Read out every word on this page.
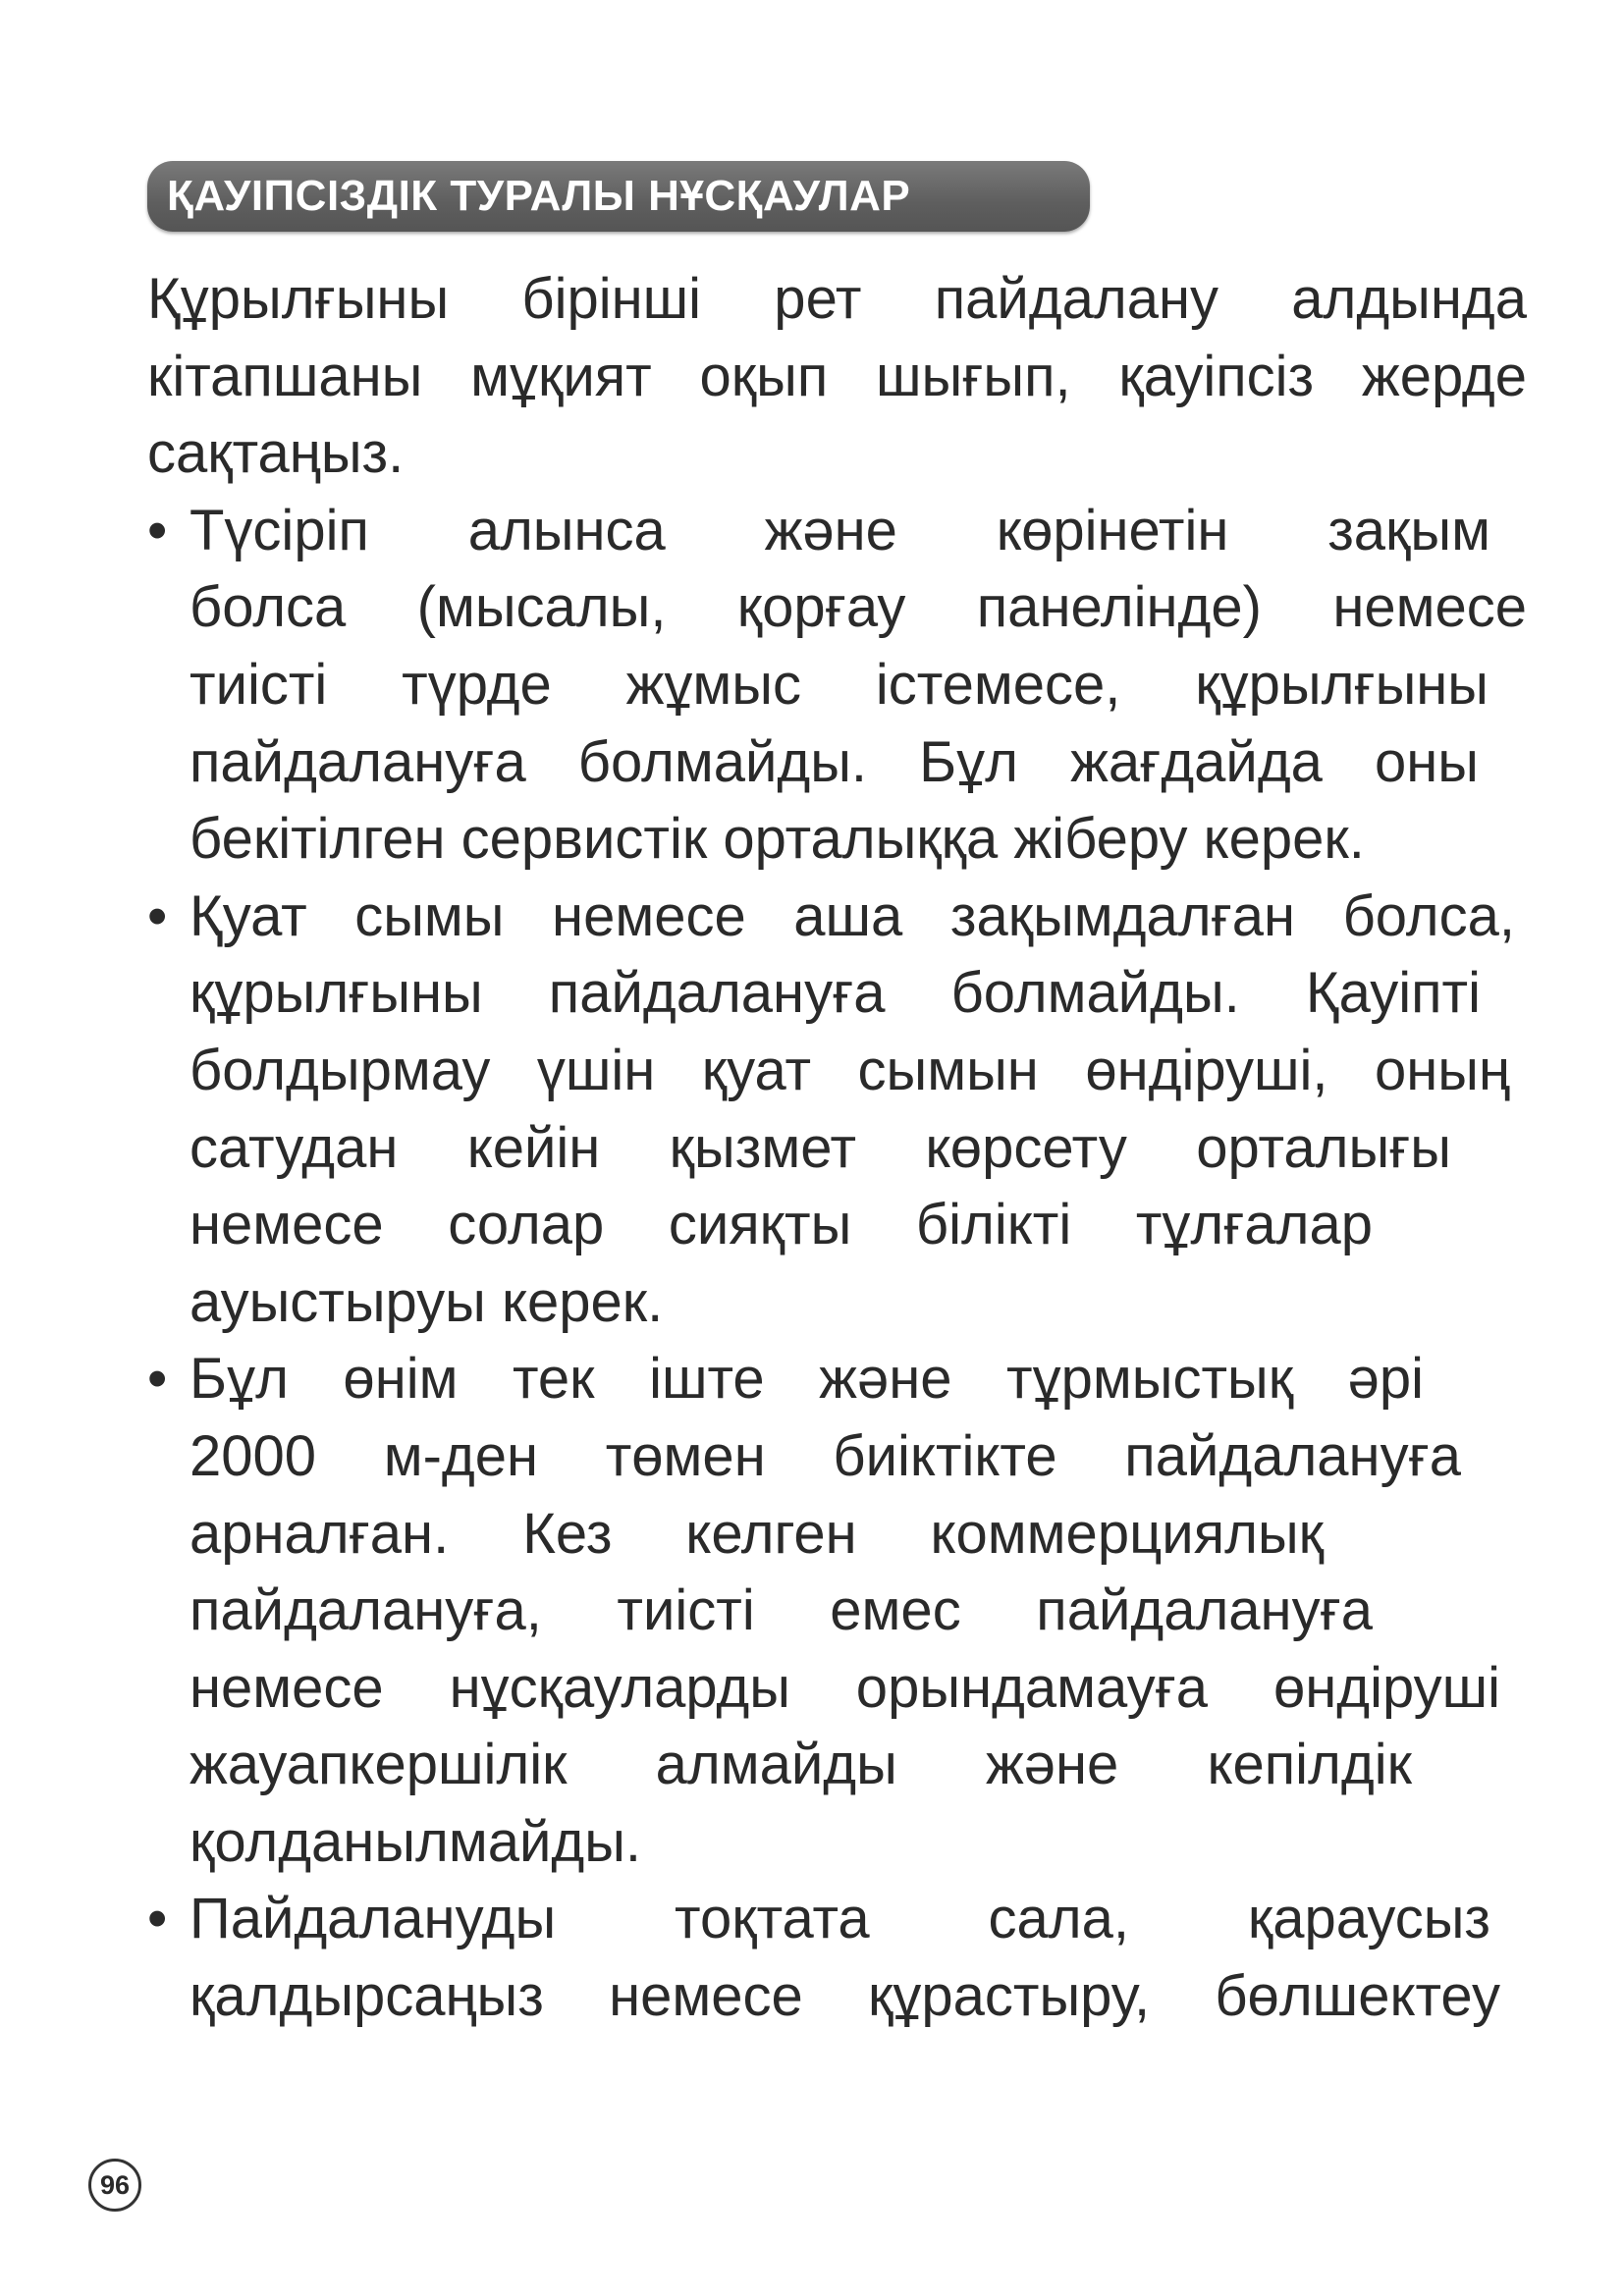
ҚАУІПСІЗДІК ТУРАЛЫ НҰСҚАУЛАР
Құрылғыны бірінші рет пайдалану алдында
кітапшаны мұқият оқып шығып, қауіпсіз жерде
сақтаңыз.
• Түсіріп алынса және көрінетін зақым
болса (мысалы, қорғау панелінде) немесе
тиісті түрде жұмыс істемесе, құрылғыны
пайдалануға болмайды. Бұл жағдайда оны
бекітілген сервистік орталыққа жіберу керек.
• Қуат сымы немесе аша зақымдалған болса,
құрылғыны пайдалануға болмайды. Қауіпті
болдырмау үшін қуат сымын өндіруші, оның
сатудан кейін қызмет көрсету орталығы
немесе солар сияқты білікті тұлғалар
ауыстыруы керек.
• Бұл өнім тек іште және тұрмыстық әрі
2000 м-ден төмен биіктікте пайдалануға
арналған. Кез келген коммерциялық
пайдалануға, тиісті емес пайдалануға
немесе нұсқауларды орындамауға өндіруші
жауапкершілік алмайды және кепілдік
қолданылмайды.
• Пайдалануды тоқтата сала, қараусыз
қалдырсаңыз немесе құрастыру, бөлшектеу
96
